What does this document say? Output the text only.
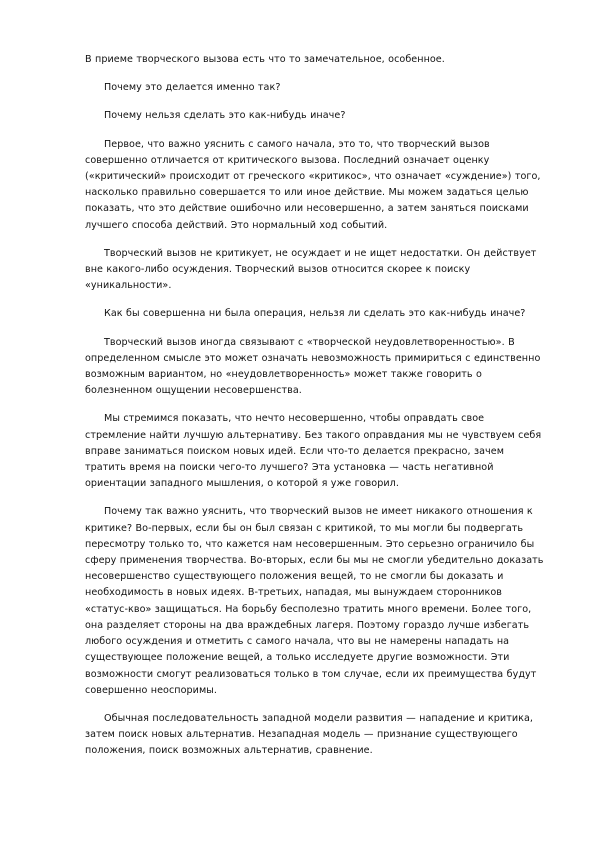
В приеме творческого вызова есть что то замечательное, особенное.

Почему это делается именно так?

Почему нельзя сделать это как-нибудь иначе?

Первое, что важно уяснить с самого начала, это то, что творческий вызов совершенно отличается от критического вызова. Последний означает оценку («критический» происходит от греческого «критикос», что означает «суждение») того, насколько правильно совершается то или иное действие. Мы можем задаться целью показать, что это действие ошибочно или несовершенно, а затем заняться поисками лучшего способа действий. Это нормальный ход событий.

Творческий вызов не критикует, не осуждает и не ищет недостатки. Он действует вне какого-либо осуждения. Творческий вызов относится скорее к поиску «уникальности».

Как бы совершенна ни была операция, нельзя ли сделать это как-нибудь иначе?

Творческий вызов иногда связывают с «творческой неудовлетворенностью». В определенном смысле это может означать невозможность примириться с единственно возможным вариантом, но «неудовлетворенность» может также говорить о болезненном ощущении несовершенства.

Мы стремимся показать, что нечто несовершенно, чтобы оправдать свое стремление найти лучшую альтернативу. Без такого оправдания мы не чувствуем себя вправе заниматься поиском новых идей. Если что-то делается прекрасно, зачем тратить время на поиски чего-то лучшего? Эта установка — часть негативной ориентации западного мышления, о которой я уже говорил.

Почему так важно уяснить, что творческий вызов не имеет никакого отношения к критике? Во-первых, если бы он был связан с критикой, то мы могли бы подвергать пересмотру только то, что кажется нам несовершенным. Это серьезно ограничило бы сферу применения творчества. Во-вторых, если бы мы не смогли убедительно доказать несовершенство существующего положения вещей, то не смогли бы доказать и необходимость в новых идеях. В-третьих, нападая, мы вынуждаем сторонников «статус-кво» защищаться. На борьбу бесполезно тратить много времени. Более того, она разделяет стороны на два враждебных лагеря. Поэтому гораздо лучше избегать любого осуждения и отметить с самого начала, что вы не намерены нападать на существующее положение вещей, а только исследуете другие возможности. Эти возможности смогут реализоваться только в том случае, если их преимущества будут совершенно неоспоримы.

Обычная последовательность западной модели развития — нападение и критика, затем поиск новых альтернатив. Незападная модель — признание существующего положения, поиск возможных альтернатив, сравнение.
